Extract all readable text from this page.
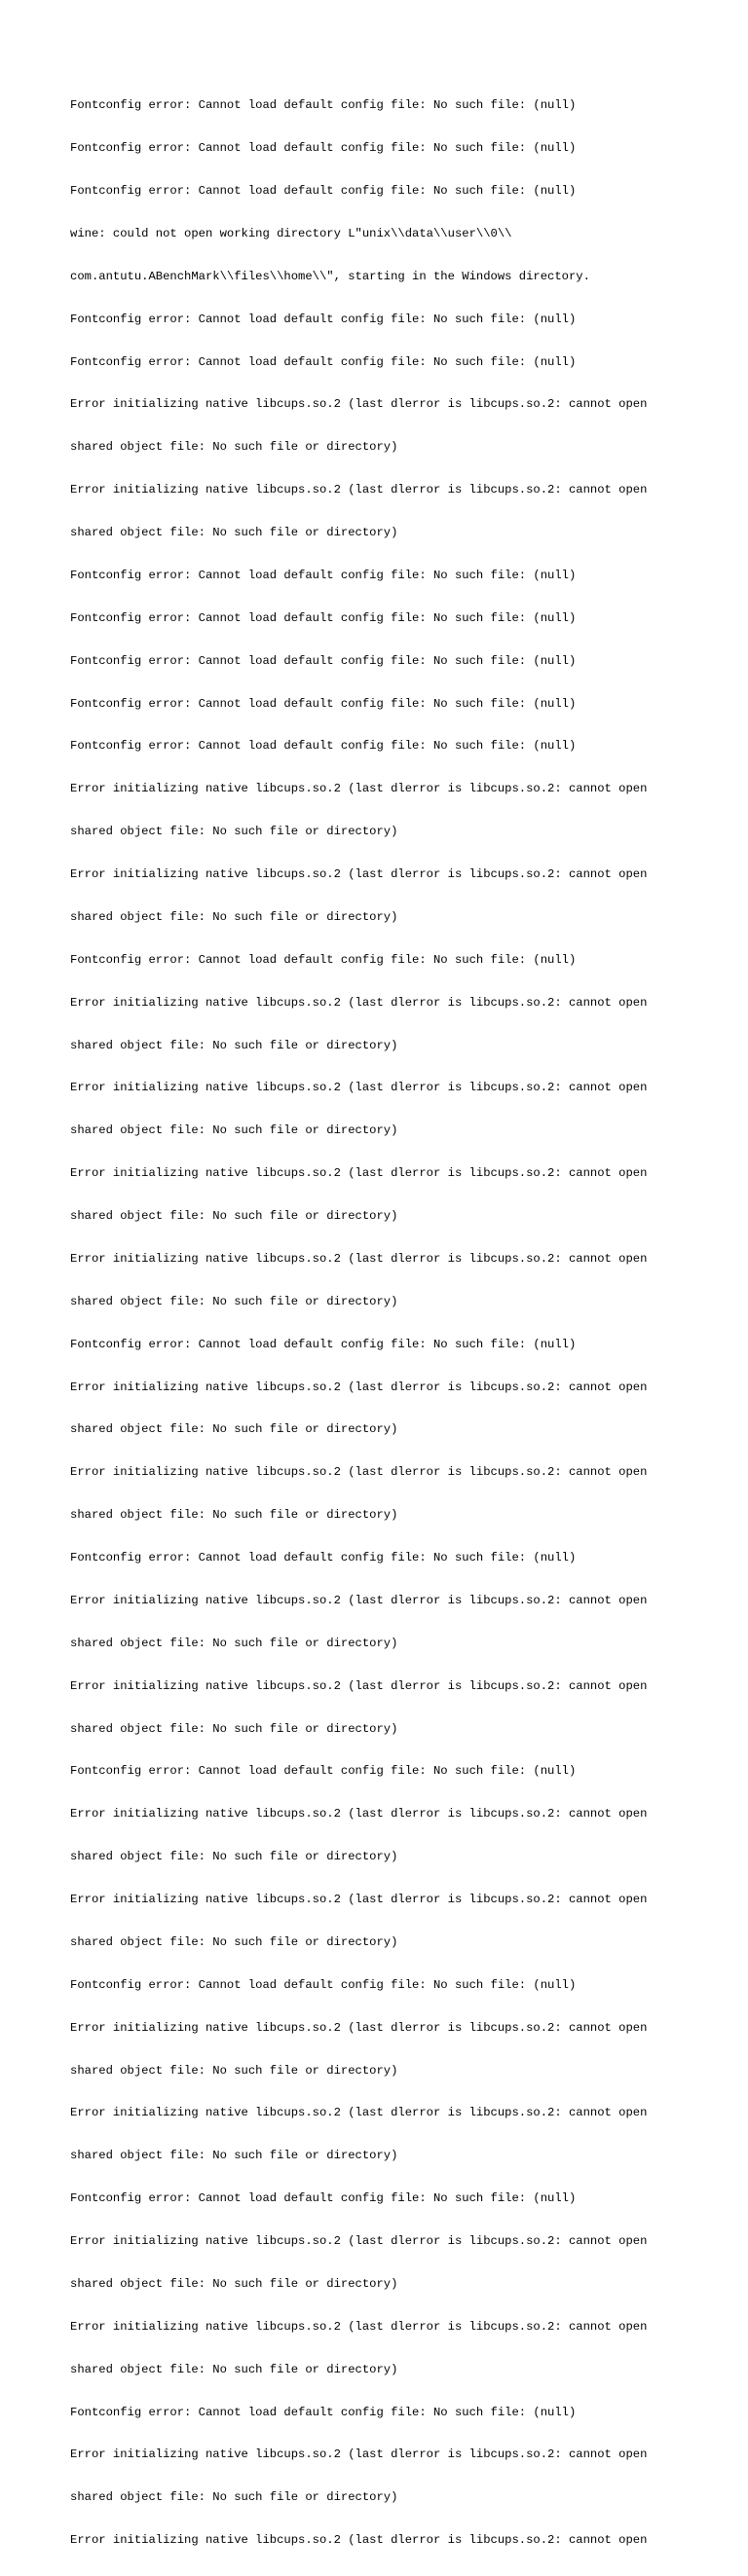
Fontconfig error: Cannot load default config file: No such file: (null)

Fontconfig error: Cannot load default config file: No such file: (null)

Fontconfig error: Cannot load default config file: No such file: (null)

wine: could not open working directory L"unix\\data\\user\\0\\

com.antutu.ABenchMark\\files\\home\\", starting in the Windows directory.

Fontconfig error: Cannot load default config file: No such file: (null)

Fontconfig error: Cannot load default config file: No such file: (null)

Error initializing native libcups.so.2 (last dlerror is libcups.so.2: cannot open

shared object file: No such file or directory)

Error initializing native libcups.so.2 (last dlerror is libcups.so.2: cannot open

shared object file: No such file or directory)

Fontconfig error: Cannot load default config file: No such file: (null)

Fontconfig error: Cannot load default config file: No such file: (null)

Fontconfig error: Cannot load default config file: No such file: (null)

Fontconfig error: Cannot load default config file: No such file: (null)

Fontconfig error: Cannot load default config file: No such file: (null)

Error initializing native libcups.so.2 (last dlerror is libcups.so.2: cannot open

shared object file: No such file or directory)

Error initializing native libcups.so.2 (last dlerror is libcups.so.2: cannot open

shared object file: No such file or directory)

Fontconfig error: Cannot load default config file: No such file: (null)

Error initializing native libcups.so.2 (last dlerror is libcups.so.2: cannot open

shared object file: No such file or directory)

Error initializing native libcups.so.2 (last dlerror is libcups.so.2: cannot open

shared object file: No such file or directory)

Error initializing native libcups.so.2 (last dlerror is libcups.so.2: cannot open

shared object file: No such file or directory)

Error initializing native libcups.so.2 (last dlerror is libcups.so.2: cannot open

shared object file: No such file or directory)

Fontconfig error: Cannot load default config file: No such file: (null)

Error initializing native libcups.so.2 (last dlerror is libcups.so.2: cannot open

shared object file: No such file or directory)

Error initializing native libcups.so.2 (last dlerror is libcups.so.2: cannot open

shared object file: No such file or directory)

Fontconfig error: Cannot load default config file: No such file: (null)

Error initializing native libcups.so.2 (last dlerror is libcups.so.2: cannot open

shared object file: No such file or directory)

Error initializing native libcups.so.2 (last dlerror is libcups.so.2: cannot open

shared object file: No such file or directory)

Fontconfig error: Cannot load default config file: No such file: (null)

Error initializing native libcups.so.2 (last dlerror is libcups.so.2: cannot open

shared object file: No such file or directory)

Error initializing native libcups.so.2 (last dlerror is libcups.so.2: cannot open

shared object file: No such file or directory)

Fontconfig error: Cannot load default config file: No such file: (null)

Error initializing native libcups.so.2 (last dlerror is libcups.so.2: cannot open

shared object file: No such file or directory)

Error initializing native libcups.so.2 (last dlerror is libcups.so.2: cannot open

shared object file: No such file or directory)

Fontconfig error: Cannot load default config file: No such file: (null)

Error initializing native libcups.so.2 (last dlerror is libcups.so.2: cannot open

shared object file: No such file or directory)

Error initializing native libcups.so.2 (last dlerror is libcups.so.2: cannot open

shared object file: No such file or directory)

Fontconfig error: Cannot load default config file: No such file: (null)

Error initializing native libcups.so.2 (last dlerror is libcups.so.2: cannot open

shared object file: No such file or directory)

Error initializing native libcups.so.2 (last dlerror is libcups.so.2: cannot open
